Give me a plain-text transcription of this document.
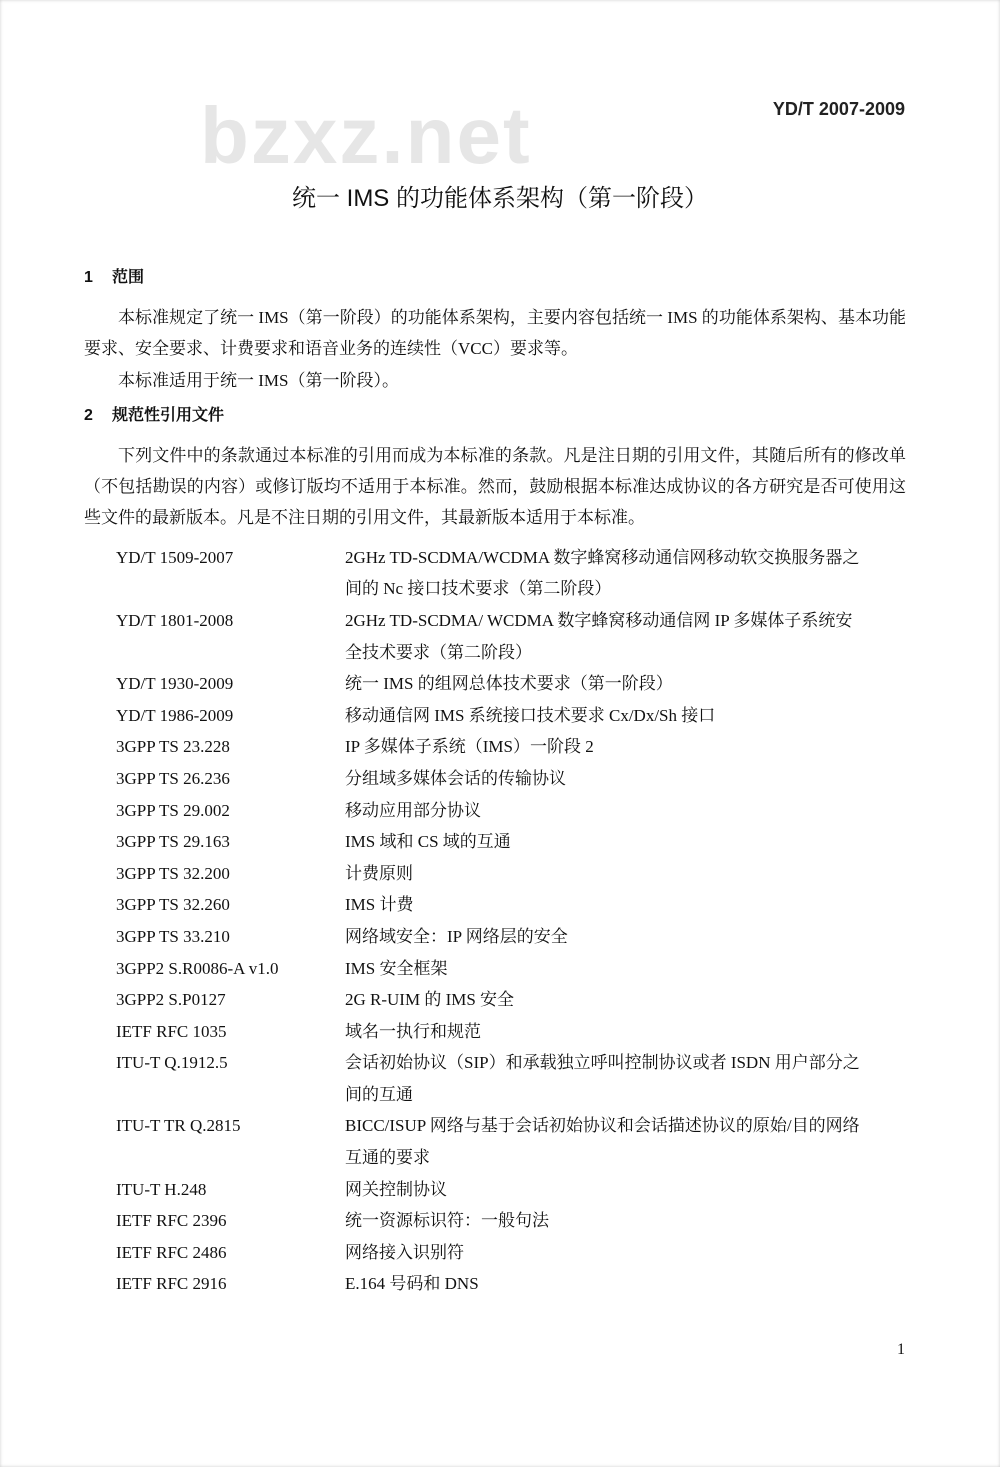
bzxz.net	YD/T 2007-2009
统一 IMS 的功能体系架构（第一阶段）
1 范围

本标准规定了统一 IMS（第一阶段）的功能体系架构，主要内容包括统一 IMS 的功能体系架构、基本功能要求、安全要求、计费要求和语音业务的连续性（VCC）要求等。

本标准适用于统一 IMS（第一阶段）。

2 规范性引用文件

下列文件中的条款通过本标准的引用而成为本标准的条款。凡是注日期的引用文件，其随后所有的修改单（不包括勘误的内容）或修订版均不适用于本标准。然而，鼓励根据本标准达成协议的各方研究是否可使用这些文件的最新版本。凡是不注日期的引用文件，其最新版本适用于本标准。

YD/T 1509-2007	2GHz TD-SCDMA/WCDMA 数字蜂窝移动通信网移动软交换服务器之
间的 Nc 接口技术要求（第二阶段）
YD/T 1801-2008	2GHz TD-SCDMA/ WCDMA 数字蜂窝移动通信网 IP 多媒体子系统安
全技术要求（第二阶段）
YD/T 1930-2009	统一 IMS 的组网总体技术要求（第一阶段）
YD/T 1986-2009	移动通信网 IMS 系统接口技术要求 Cx/Dx/Sh 接口
3GPP TS 23.228	IP 多媒体子系统（IMS）一阶段 2
3GPP TS 26.236	分组域多媒体会话的传输协议
3GPP TS 29.002	移动应用部分协议
3GPP TS 29.163	IMS 域和 CS 域的互通
3GPP TS 32.200	计费原则
3GPP TS 32.260	IMS 计费
3GPP TS 33.210	网络域安全：IP 网络层的安全
3GPP2 S.R0086-A v1.0	IMS 安全框架
3GPP2 S.P0127	2G R-UIM 的 IMS 安全
IETF RFC 1035	域名一执行和规范
ITU-T Q.1912.5	会话初始协议（SIP）和承载独立呼叫控制协议或者 ISDN 用户部分之
间的互通
ITU-T TR Q.2815	BICC/ISUP 网络与基于会话初始协议和会话描述协议的原始/目的网络
互通的要求
ITU-T H.248	网关控制协议
IETF RFC 2396	统一资源标识符：一般句法
IETF RFC 2486	网络接入识别符
IETF RFC 2916	E.164 号码和 DNS
1
